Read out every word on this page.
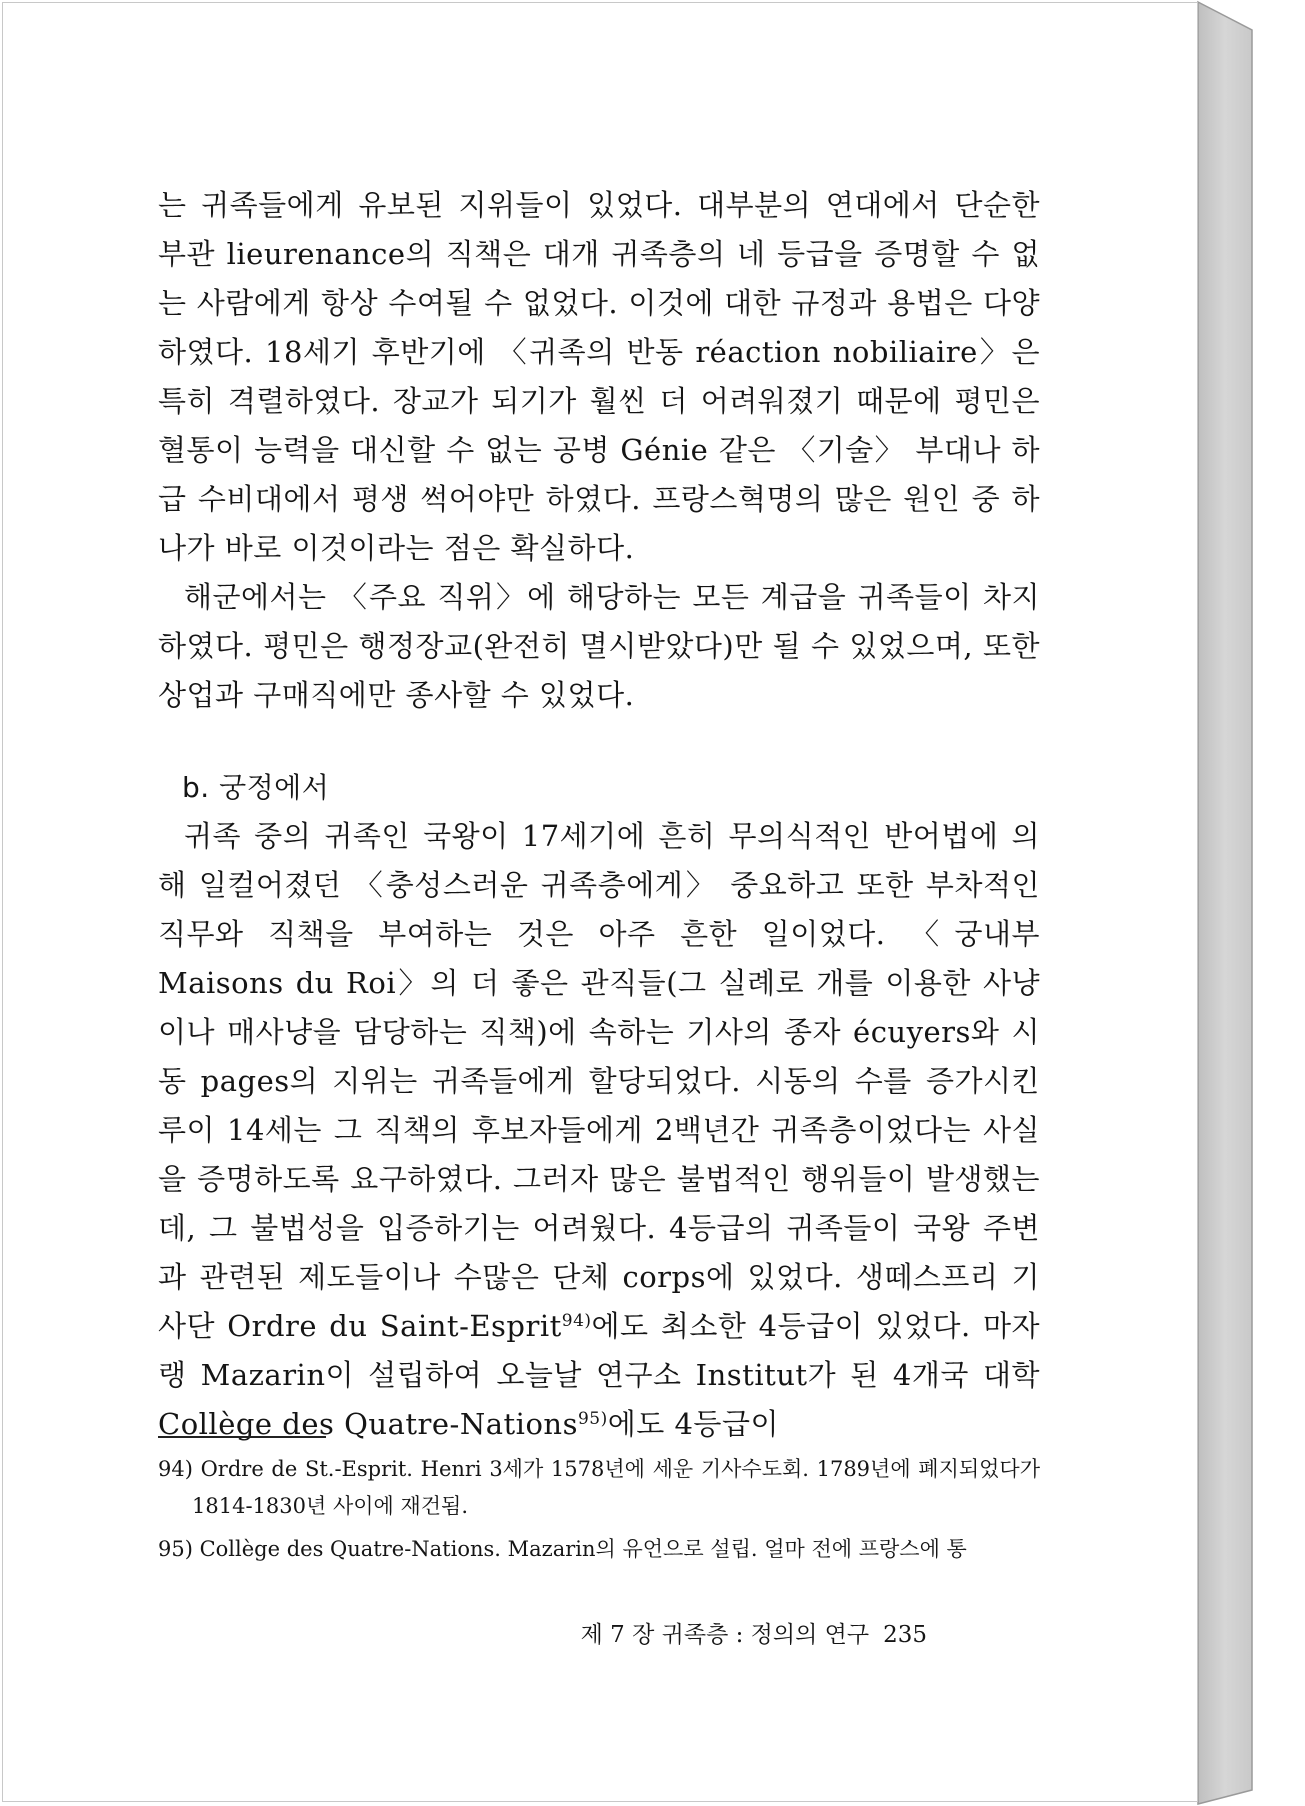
는 귀족들에게 유보된 지위들이 있었다. 대부분의 연대에서 단순한 부관 lieurenance의 직책은 대개 귀족층의 네 등급을 증명할 수 없는 사람에게 항상 수여될 수 없었다. 이것에 대한 규정과 용법은 다양하였다. 18세기 후반기에 〈귀족의 반동 réaction nobiliaire〉은 특히 격렬하였다. 장교가 되기가 훨씬 더 어려워졌기 때문에 평민은 혈통이 능력을 대신할 수 없는 공병 Génie 같은 〈기술〉 부대나 하급 수비대에서 평생 썩어야만 하였다. 프랑스혁명의 많은 원인 중 하나가 바로 이것이라는 점은 확실하다.

해군에서는 〈주요 직위〉에 해당하는 모든 계급을 귀족들이 차지하였다. 평민은 행정장교(완전히 멸시받았다)만 될 수 있었으며, 또한 상업과 구매직에만 종사할 수 있었다.

b. 궁정에서

귀족 중의 귀족인 국왕이 17세기에 흔히 무의식적인 반어법에 의해 일컬어졌던 〈충성스러운 귀족층에게〉 중요하고 또한 부차적인 직무와 직책을 부여하는 것은 아주 흔한 일이었다. 〈궁내부 Maisons du Roi〉의 더 좋은 관직들(그 실례로 개를 이용한 사냥이나 매사냥을 담당하는 직책)에 속하는 기사의 종자 écuyers와 시동 pages의 지위는 귀족들에게 할당되었다. 시동의 수를 증가시킨 루이 14세는 그 직책의 후보자들에게 2백년간 귀족층이었다는 사실을 증명하도록 요구하였다. 그러자 많은 불법적인 행위들이 발생했는데, 그 불법성을 입증하기는 어려웠다. 4등급의 귀족들이 국왕 주변과 관련된 제도들이나 수많은 단체 corps에 있었다. 생떼스프리 기사단 Ordre du Saint-Esprit$^{94)}$에도 최소한 4등급이 있었다. 마자랭 Mazarin이 설립하여 오늘날 연구소 Institut가 된 4개국 대학 Collège des Quatre-Nations$^{95)}$에도 4등급이

94) Ordre de St.-Esprit. Henri 3세가 1578년에 세운 기사수도회. 1789년에 폐지되었다가 1814-1830년 사이에 재건됨.

95) Collège des Quatre-Nations. Mazarin의 유언으로 설립. 얼마 전에 프랑스에 통

제 7 장 귀족층 : 정의의 연구 235
